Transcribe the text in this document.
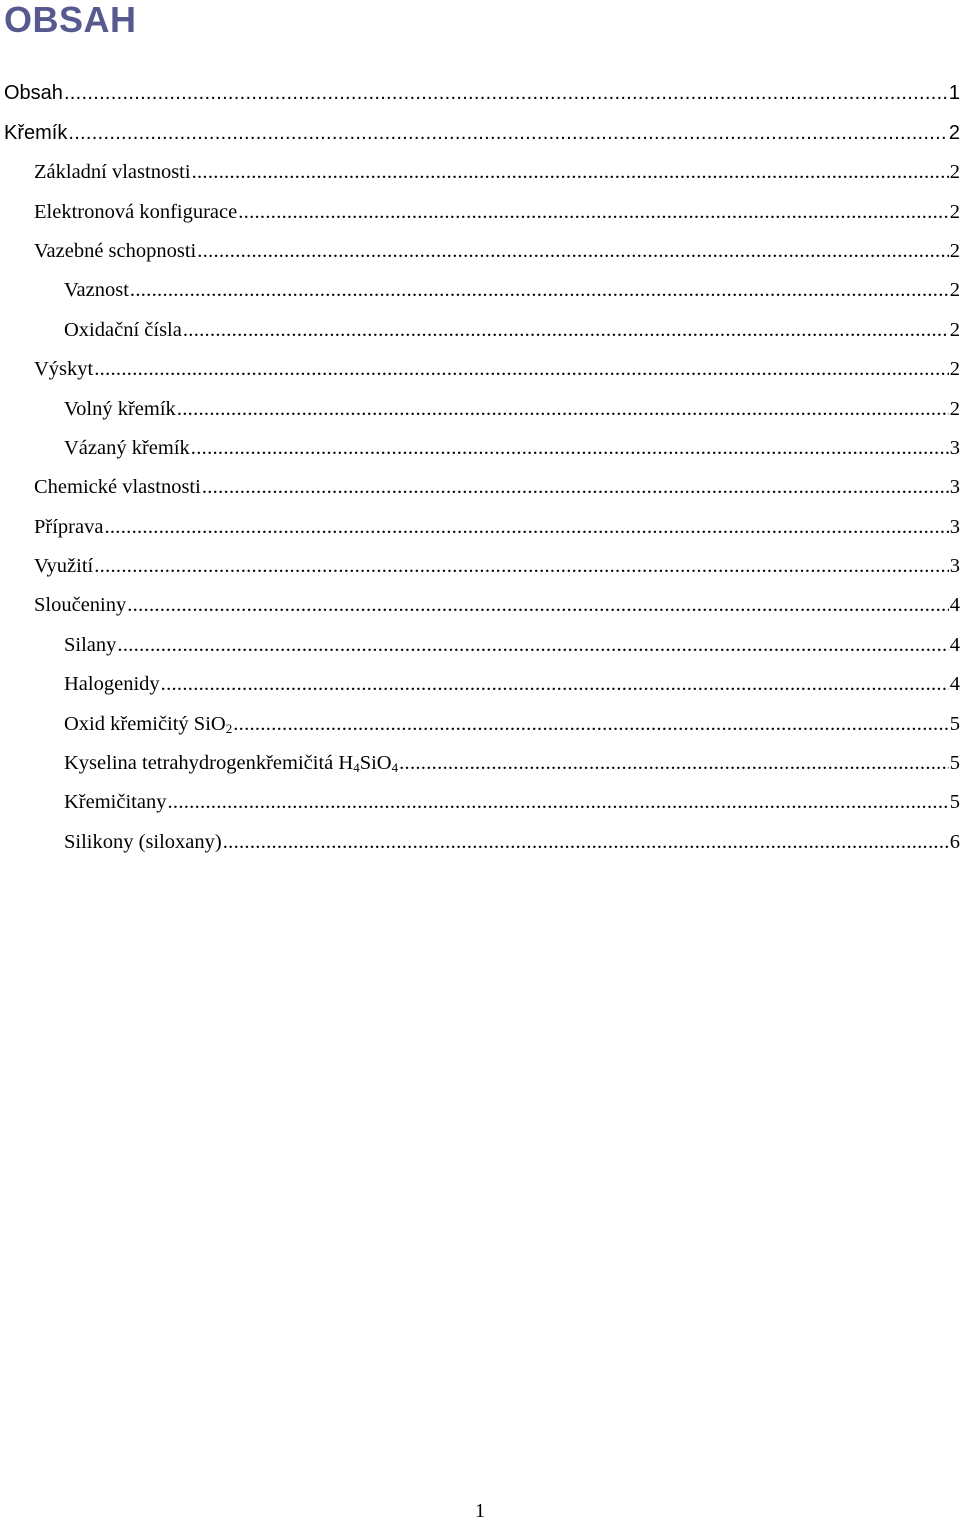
OBSAH
Obsah .....	1
Křemík .....	2
Základní vlastnosti .....	2
Elektronová konfigurace .....	2
Vazebné schopnosti .....	2
Vaznost .....	2
Oxidační čísla .....	2
Výskyt .....	2
Volný křemík .....	2
Vázaný křemík .....	3
Chemické vlastnosti .....	3
Příprava .....	3
Využití .....	3
Sloučeniny .....	4
Silany .....	4
Halogenidy .....	4
Oxid křemičitý SiO$_2$ .....	5
Kyselina tetrahydrogenkřemičitá $H_4SiO_4$ .....	5
Křemičitany .....	5
Silikony (siloxany) .....	6
1
